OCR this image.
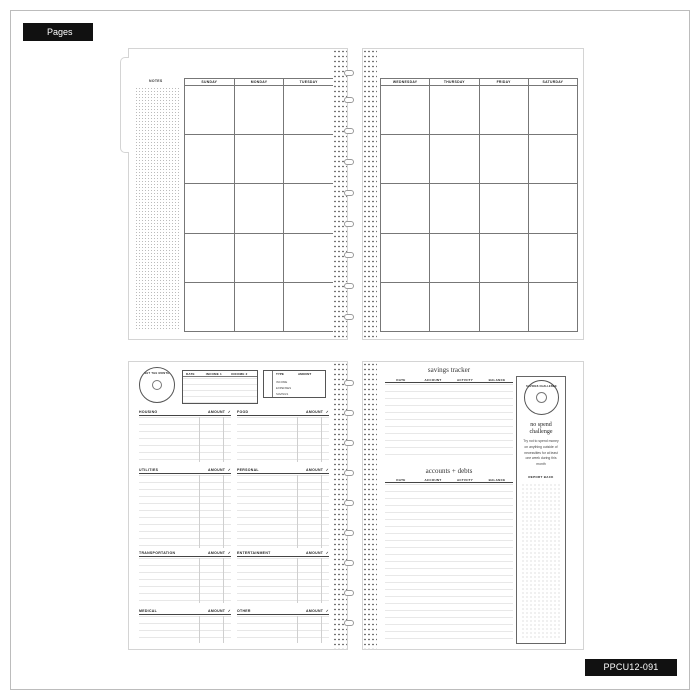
Pages
PPCU12-091
NOTES	SUNDAY	MONDAY	TUESDAY	WEDNESDAY	THURSDAY	FRIDAY	SATURDAY
SET THE MONTH	DATE	INCOME 1	INCOME 2	TYPE	AMOUNT
INCOME
EXPENSES
SAVINGS
HOUSING	AMOUNT ✓ FOOD	AMOUNT ✓
UTILITIES	AMOUNT ✓ PERSONAL	AMOUNT ✓
TRANSPORTATION	AMOUNT ✓ ENTERTAINMENT	AMOUNT ✓
MEDICAL	AMOUNT ✓ OTHER	AMOUNT ✓
savings tracker
DATE	ACCOUNT	ACTIVITY	BALANCE
accounts + debts
DATE	ACCOUNT	ACTIVITY	BALANCE
SAVINGS CHALLENGE
no spend
challenge
Try not to spend money on anything outside of necessities for at least one week during this month
REPORT BACK
